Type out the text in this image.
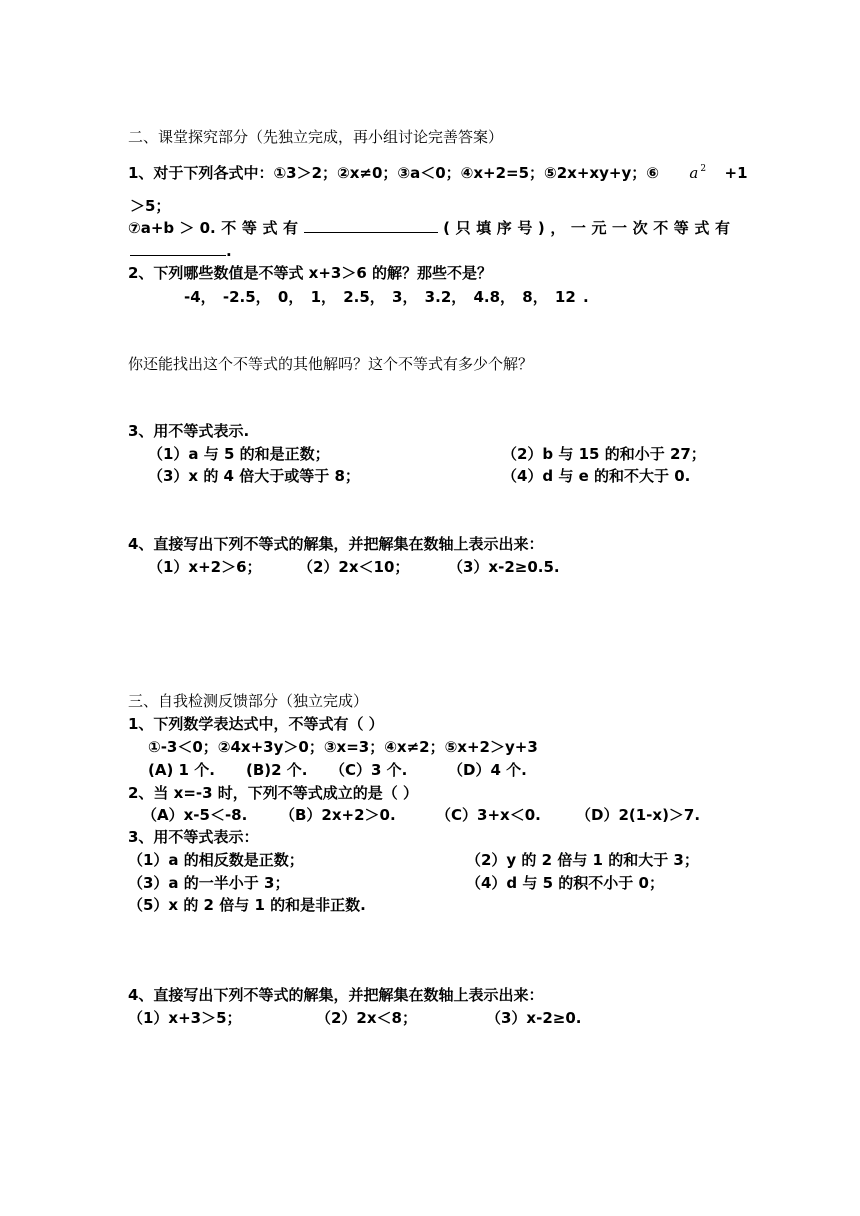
二、课堂探究部分（先独立完成，再小组讨论完善答案）
1、对于下列各式中：①3＞2；②x≠0；③a＜0；④x+2=5；⑤2x+xy+y；⑥ a $^2$ +1
＞5；
⑦a+b ＞ 0. 不 等 式 有	( 只 填 序 号 ) ， 一 元 一 次 不 等 式 有
.
2、下列哪些数值是不等式 x+3＞6 的解？那些不是？
-4， -2.5， 0， 1， 2.5， 3， 3.2， 4.8， 8， 12 .
你还能找出这个不等式的其他解吗？这个不等式有多少个解？
3、用不等式表示.
（1）a 与 5 的和是正数；	（2）b 与 15 的和小于 27；
（3）x 的 4 倍大于或等于 8；	（4）d 与 e 的和不大于 0.
4、直接写出下列不等式的解集，并把解集在数轴上表示出来：
（1）x+2＞6； （2）2x＜10；	（3）x-2≥0.5.
三、自我检测反馈部分（独立完成）
1、下列数学表达式中，不等式有（ ）
①-3＜0；②4x+3y＞0；③x=3；④x≠2；⑤x+2＞y+3
(A) 1 个. (B)2 个. （C）3 个.	（D）4 个.
2、当 x=-3 时，下列不等式成立的是（ ）
（A）x-5＜-8. （B）2x+2＞0.	（C）3+x＜0. （D）2(1-x)＞7.
3、用不等式表示：
（1）a 的相反数是正数；	（2）y 的 2 倍与 1 的和大于 3；
（3）a 的一半小于 3；	（4）d 与 5 的积不小于 0；
（5）x 的 2 倍与 1 的和是非正数.
4、直接写出下列不等式的解集，并把解集在数轴上表示出来：
（1）x+3＞5；	（2）2x＜8；	（3）x-2≥0.
